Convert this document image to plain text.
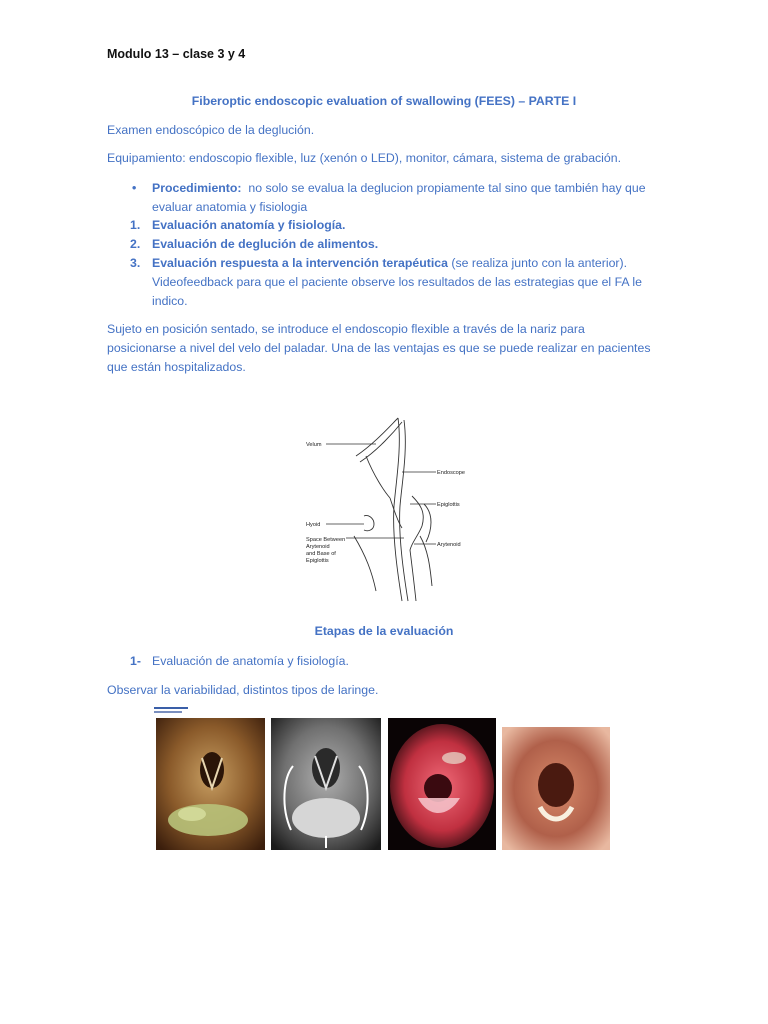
Modulo 13 – clase 3 y 4
Fiberoptic endoscopic evaluation of swallowing (FEES) – PARTE I
Examen endoscópico de la deglución.
Equipamiento: endoscopio flexible, luz (xenón o LED), monitor, cámara, sistema de grabación.
•	Procedimiento: no solo se evalua la deglucion propiamente tal sino que también hay que
evaluar anatomia y fisiologia
1. Evaluación anatomía y fisiología.
2. Evaluación de deglución de alimentos.
3. Evaluación respuesta a la intervención terapéutica (se realiza junto con la anterior).
Videofeedback para que el paciente observe los resultados de las estrategias que el FA le
indico.
Sujeto en posición sentado, se introduce el endoscopio flexible a través de la nariz para
posicionarse a nivel del velo del paladar. Una de las ventajas es que se puede realizar en pacientes
que están hospitalizados.
Velum
Endoscope
Epiglottis
Hyoid
Space Between
Arytenoid
and Base of
Epiglottis
Arytenoid
Etapas de la evaluación
1- Evaluación de anatomía y fisiología.
Observar la variabilidad, distintos tipos de laringe.
